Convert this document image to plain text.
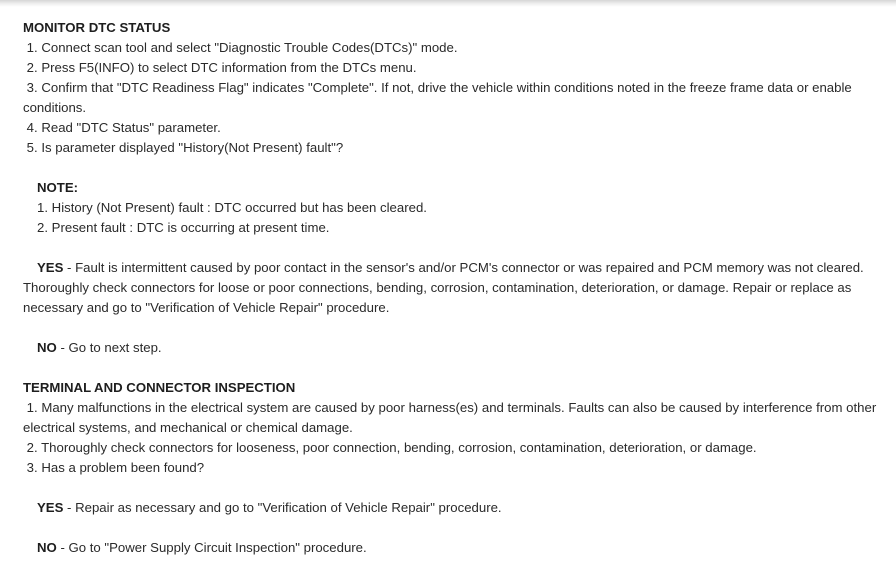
MONITOR DTC STATUS
1. Connect scan tool and select "Diagnostic Trouble Codes(DTCs)" mode.
2. Press F5(INFO) to select DTC information from the DTCs menu.
3. Confirm that "DTC Readiness Flag" indicates "Complete". If not, drive the vehicle within conditions noted in the freeze frame data or enable conditions.
4. Read "DTC Status" parameter.
5. Is parameter displayed "History(Not Present) fault"?
NOTE:
1. History (Not Present) fault : DTC occurred but has been cleared.
2. Present fault : DTC is occurring at present time.
YES - Fault is intermittent caused by poor contact in the sensor's and/or PCM's connector or was repaired and PCM memory was not cleared. Thoroughly check connectors for loose or poor connections, bending, corrosion, contamination, deterioration, or damage. Repair or replace as necessary and go to "Verification of Vehicle Repair" procedure.
NO - Go to next step.
TERMINAL AND CONNECTOR INSPECTION
1. Many malfunctions in the electrical system are caused by poor harness(es) and terminals. Faults can also be caused by interference from other electrical systems, and mechanical or chemical damage.
2. Thoroughly check connectors for looseness, poor connection, bending, corrosion, contamination, deterioration, or damage.
3. Has a problem been found?
YES - Repair as necessary and go to "Verification of Vehicle Repair" procedure.
NO - Go to "Power Supply Circuit Inspection" procedure.
